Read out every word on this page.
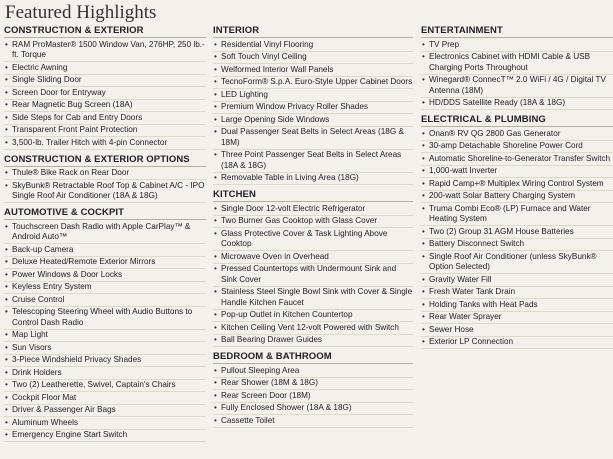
Featured Highlights
CONSTRUCTION & EXTERIOR
• RAM ProMaster® 1500 Window Van, 276HP, 250 lb.-ft. Torque
• Electric Awning
• Single Sliding Door
• Screen Door for Entryway
• Rear Magnetic Bug Screen (18A)
• Side Steps for Cab and Entry Doors
• Transparent Front Paint Protection
• 3,500-lb. Trailer Hitch with 4-pin Connector
CONSTRUCTION & EXTERIOR OPTIONS
• Thule® Bike Rack on Rear Door
• SkyBunk® Retractable Roof Top & Cabinet A/C - IPO Single Roof Air Conditioner (18A & 18G)
AUTOMOTIVE & COCKPIT
• Touchscreen Dash Radio with Apple CarPlay™ & Android Auto™
• Back-up Camera
• Deluxe Heated/Remote Exterior Mirrors
• Power Windows & Door Locks
• Keyless Entry System
• Cruise Control
• Telescoping Steering Wheel with Audio Buttons to Control Dash Radio
• Map Light
• Sun Visors
• 3-Piece Windshield Privacy Shades
• Drink Holders
• Two (2) Leatherette, Swivel, Captain's Chairs
• Cockpit Floor Mat
• Driver & Passenger Air Bags
• Aluminum Wheels
• Emergency Engine Start Switch
INTERIOR
• Residential Vinyl Flooring
• Soft Touch Vinyl Ceiling
• Welformed Interior Wall Panels
• TecnoForm® S.p.A. Euro-Style Upper Cabinet Doors
• LED Lighting
• Premium Window Privacy Roller Shades
• Large Opening Side Windows
• Dual Passenger Seat Belts in Select Areas (18G & 18M)
• Three Point Passenger Seat Belts in Select Areas (18A & 18G)
• Removable Table in Living Area (18G)
KITCHEN
• Single Door 12-volt Electric Refrigerator
• Two Burner Gas Cooktop with Glass Cover
• Glass Protective Cover & Task Lighting Above Cooktop
• Microwave Oven in Overhead
• Pressed Countertops with Undermount Sink and Sink Cover
• Stainless Steel Single Bowl Sink with Cover & Single Handle Kitchen Faucet
• Pop-up Outlet in Kitchen Countertop
• Kitchen Ceiling Vent 12-volt Powered with Switch
• Ball Bearing Drawer Guides
BEDROOM & BATHROOM
• Pullout Sleeping Area
• Rear Shower (18M & 18G)
• Rear Screen Door (18M)
• Fully Enclosed Shower (18A & 18G)
• Cassette Toilet
ENTERTAINMENT
• TV Prep
• Electronics Cabinet with HDMI Cable & USB Charging Ports Throughout
• Winegard® ConnecT™ 2.0 WiFi / 4G / Digital TV Antenna (18M)
• HD/DDS Satellite Ready (18A & 18G)
ELECTRICAL & PLUMBING
• Onan® RV QG 2800 Gas Generator
• 30-amp Detachable Shoreline Power Cord
• Automatic Shoreline-to-Generator Transfer Switch
• 1,000-watt Inverter
• Rapid Camp+® Multiplex Wiring Control System
• 200-watt Solar Battery Charging System
• Truma Combi Eco® (LP) Furnace and Water Heating System
• Two (2) Group 31 AGM House Batteries
• Battery Disconnect Switch
• Single Roof Air Conditioner (unless SkyBunk® Option Selected)
• Gravity Water Fill
• Fresh Water Tank Drain
• Holding Tanks with Heat Pads
• Rear Water Sprayer
• Sewer Hose
• Exterior LP Connection
